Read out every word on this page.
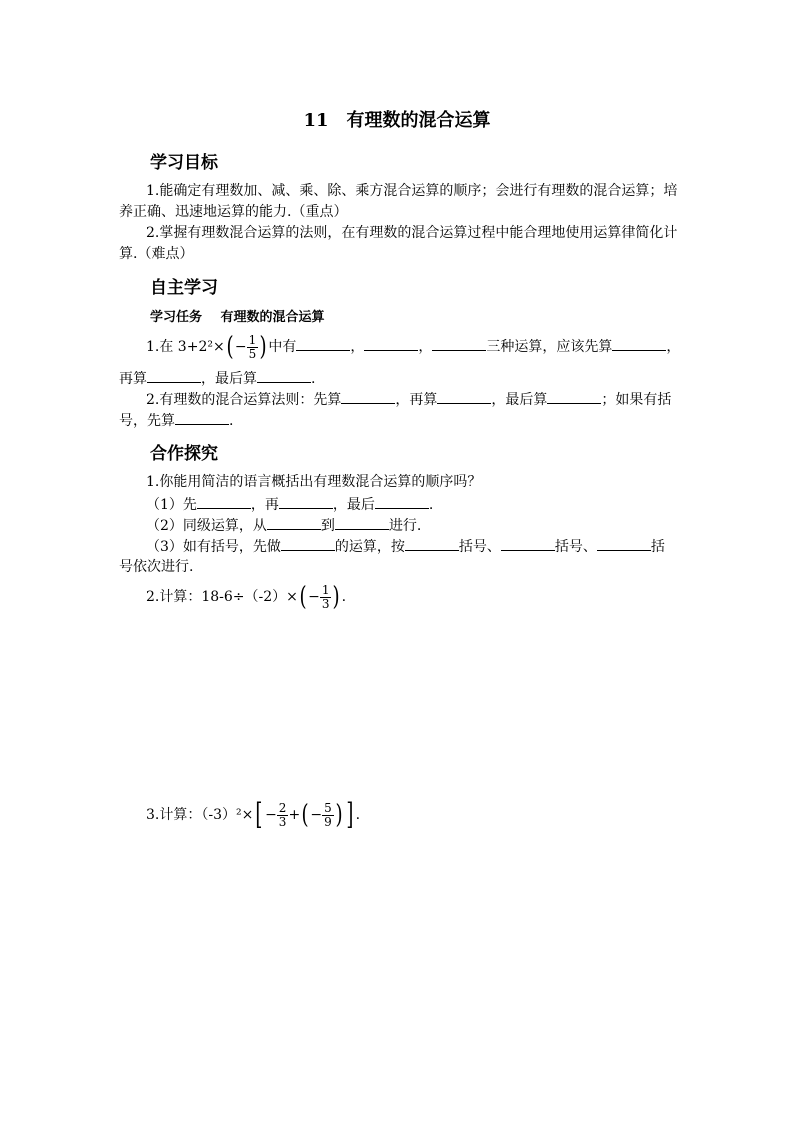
11 有理数的混合运算
学习目标
1.能确定有理数加、减、乘、除、乘方混合运算的顺序；会进行有理数的混合运算；培
养正确、迅速地运算的能力.（重点）
2.掌握有理数混合运算的法则，在有理数的混合运算过程中能合理地使用运算律简化计
算.（难点）
自主学习
学习任务 有理数的混合运算
1.在 $3+2^2\times( - \frac{1}{5}$ ) 中有	，	，	三种运算，应该先算	，
再算	，最后算	.
2.有理数的混合运算法则：先算	，再算	，最后算	；如果有括
号，先算	.
合作探究
1.你能用简洁的语言概括出有理数混合运算的顺序吗？
（1）先	，再	，最后	.
（2）同级运算，从	到	进行.
（3）如有括号，先做	的运算，按	括号、	括号、	括
号依次进行.
2.计算：$18-6\div(-2)\times( - \frac{1}{3}$ ) .
3.计算：$(-3)^2\times[ - \frac{2}{3}$ +( − $\frac{5}{9}$ ) ] .
